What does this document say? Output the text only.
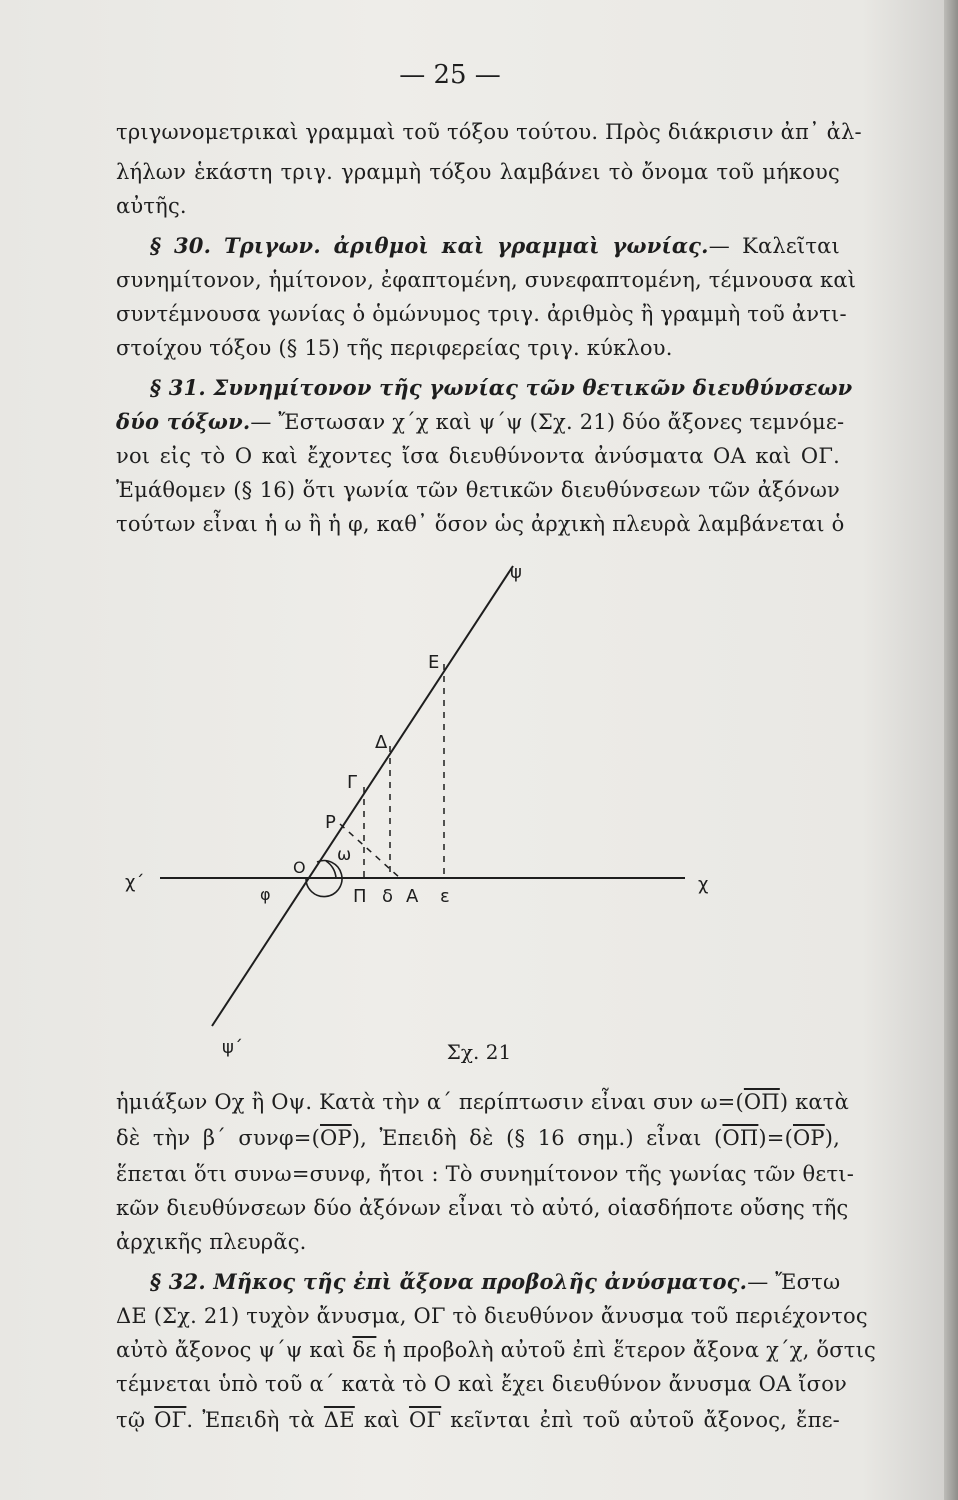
— 25 —
τριγωνομετρικαὶ γραμμαὶ τοῦ τόξου τούτου. Πρὸς διάκρισιν ἀπ᾿ ἀλ-
λήλων ἑκάστη τριγ. γραμμὴ τόξου λαμβάνει τὸ ὄνομα τοῦ μήκους
αὐτῆς.
§ 30. Τριγων. ἀριθμοὶ καὶ γραμμαὶ γωνίας.— Καλεῖται
συνημίτονον, ἡμίτονον, ἐφαπτομένη, συνεφαπτομένη, τέμνουσα καὶ
συντέμνουσα γωνίας ὁ ὁμώνυμος τριγ. ἀριθμὸς ἢ γραμμὴ τοῦ ἀντι-
στοίχου τόξου (§ 15) τῆς περιφερείας τριγ. κύκλου.
§ 31. Συνημίτονον τῆς γωνίας τῶν θετικῶν διευθύνσεων
δύο τόξων.— Ἔστωσαν χ΄χ καὶ ψ΄ψ (Σχ. 21) δύο ἄξονες τεμνόμε-
νοι εἰς τὸ Ο καὶ ἔχοντες ἴσα διευθύνοντα ἀνύσματα ΟΑ καὶ ΟΓ.
Ἐμάθομεν (§ 16) ὅτι γωνία τῶν θετικῶν διευθύνσεων τῶν ἀξόνων
τούτων εἶναι ἡ ω ἢ ἡ φ, καθ᾿ ὅσον ὡς ἀρχικὴ πλευρὰ λαμβάνεται ὁ
ψ
ψ΄
χ΄	χ
Ε
Δ
Γ
Ρ
Ο
ω
φ	Π δ Α ε
Σχ. 21
ἡμιάξων Οχ ἢ Οψ. Κατὰ τὴν α΄ περίπτωσιν εἶναι συν $\omega=(\overline{O\Pi})$ κατὰ
δὲ τὴν β΄ $\sigma\upsilon\nu\varphi=(\overline{OP})$, Ἐπειδὴ δὲ (§ 16 σημ.) εἶναι $(\overline{O\Pi})=(\overline{OP})$,
ἕπεται ὅτι συνω=συνφ, ἤτοι : Τὸ συνημίτονον τῆς γωνίας τῶν θετι-
κῶν διευθύνσεων δύο ἀξόνων εἶναι τὸ αὐτό, οἱασδήποτε οὔσης τῆς
ἀρχικῆς πλευρᾶς.
§ 32. Μῆκος τῆς ἐπὶ ἄξονα προβολῆς ἀνύσματος.— Ἔστω
ΔΕ (Σχ. 21) τυχὸν ἄνυσμα, ΟΓ τὸ διευθύνον ἄνυσμα τοῦ περιέχοντος
αὐτὸ ἄξονος ψ΄ψ καὶ $\overline{\delta\varepsilon}$ ἡ προβολὴ αὐτοῦ ἐπὶ ἕτερον ἄξονα χ΄χ, ὅστις
τέμνεται ὑπὸ τοῦ α΄ κατὰ τὸ Ο καὶ ἔχει διευθύνον ἄνυσμα ΟΑ ἴσον
τῷ $\overline{O\Gamma}$. Ἐπειδὴ τὰ $\overline{\Delta E}$ καὶ $\overline{O\Gamma}$ κεῖνται ἐπὶ τοῦ αὐτοῦ ἄξονος, ἔπε-
